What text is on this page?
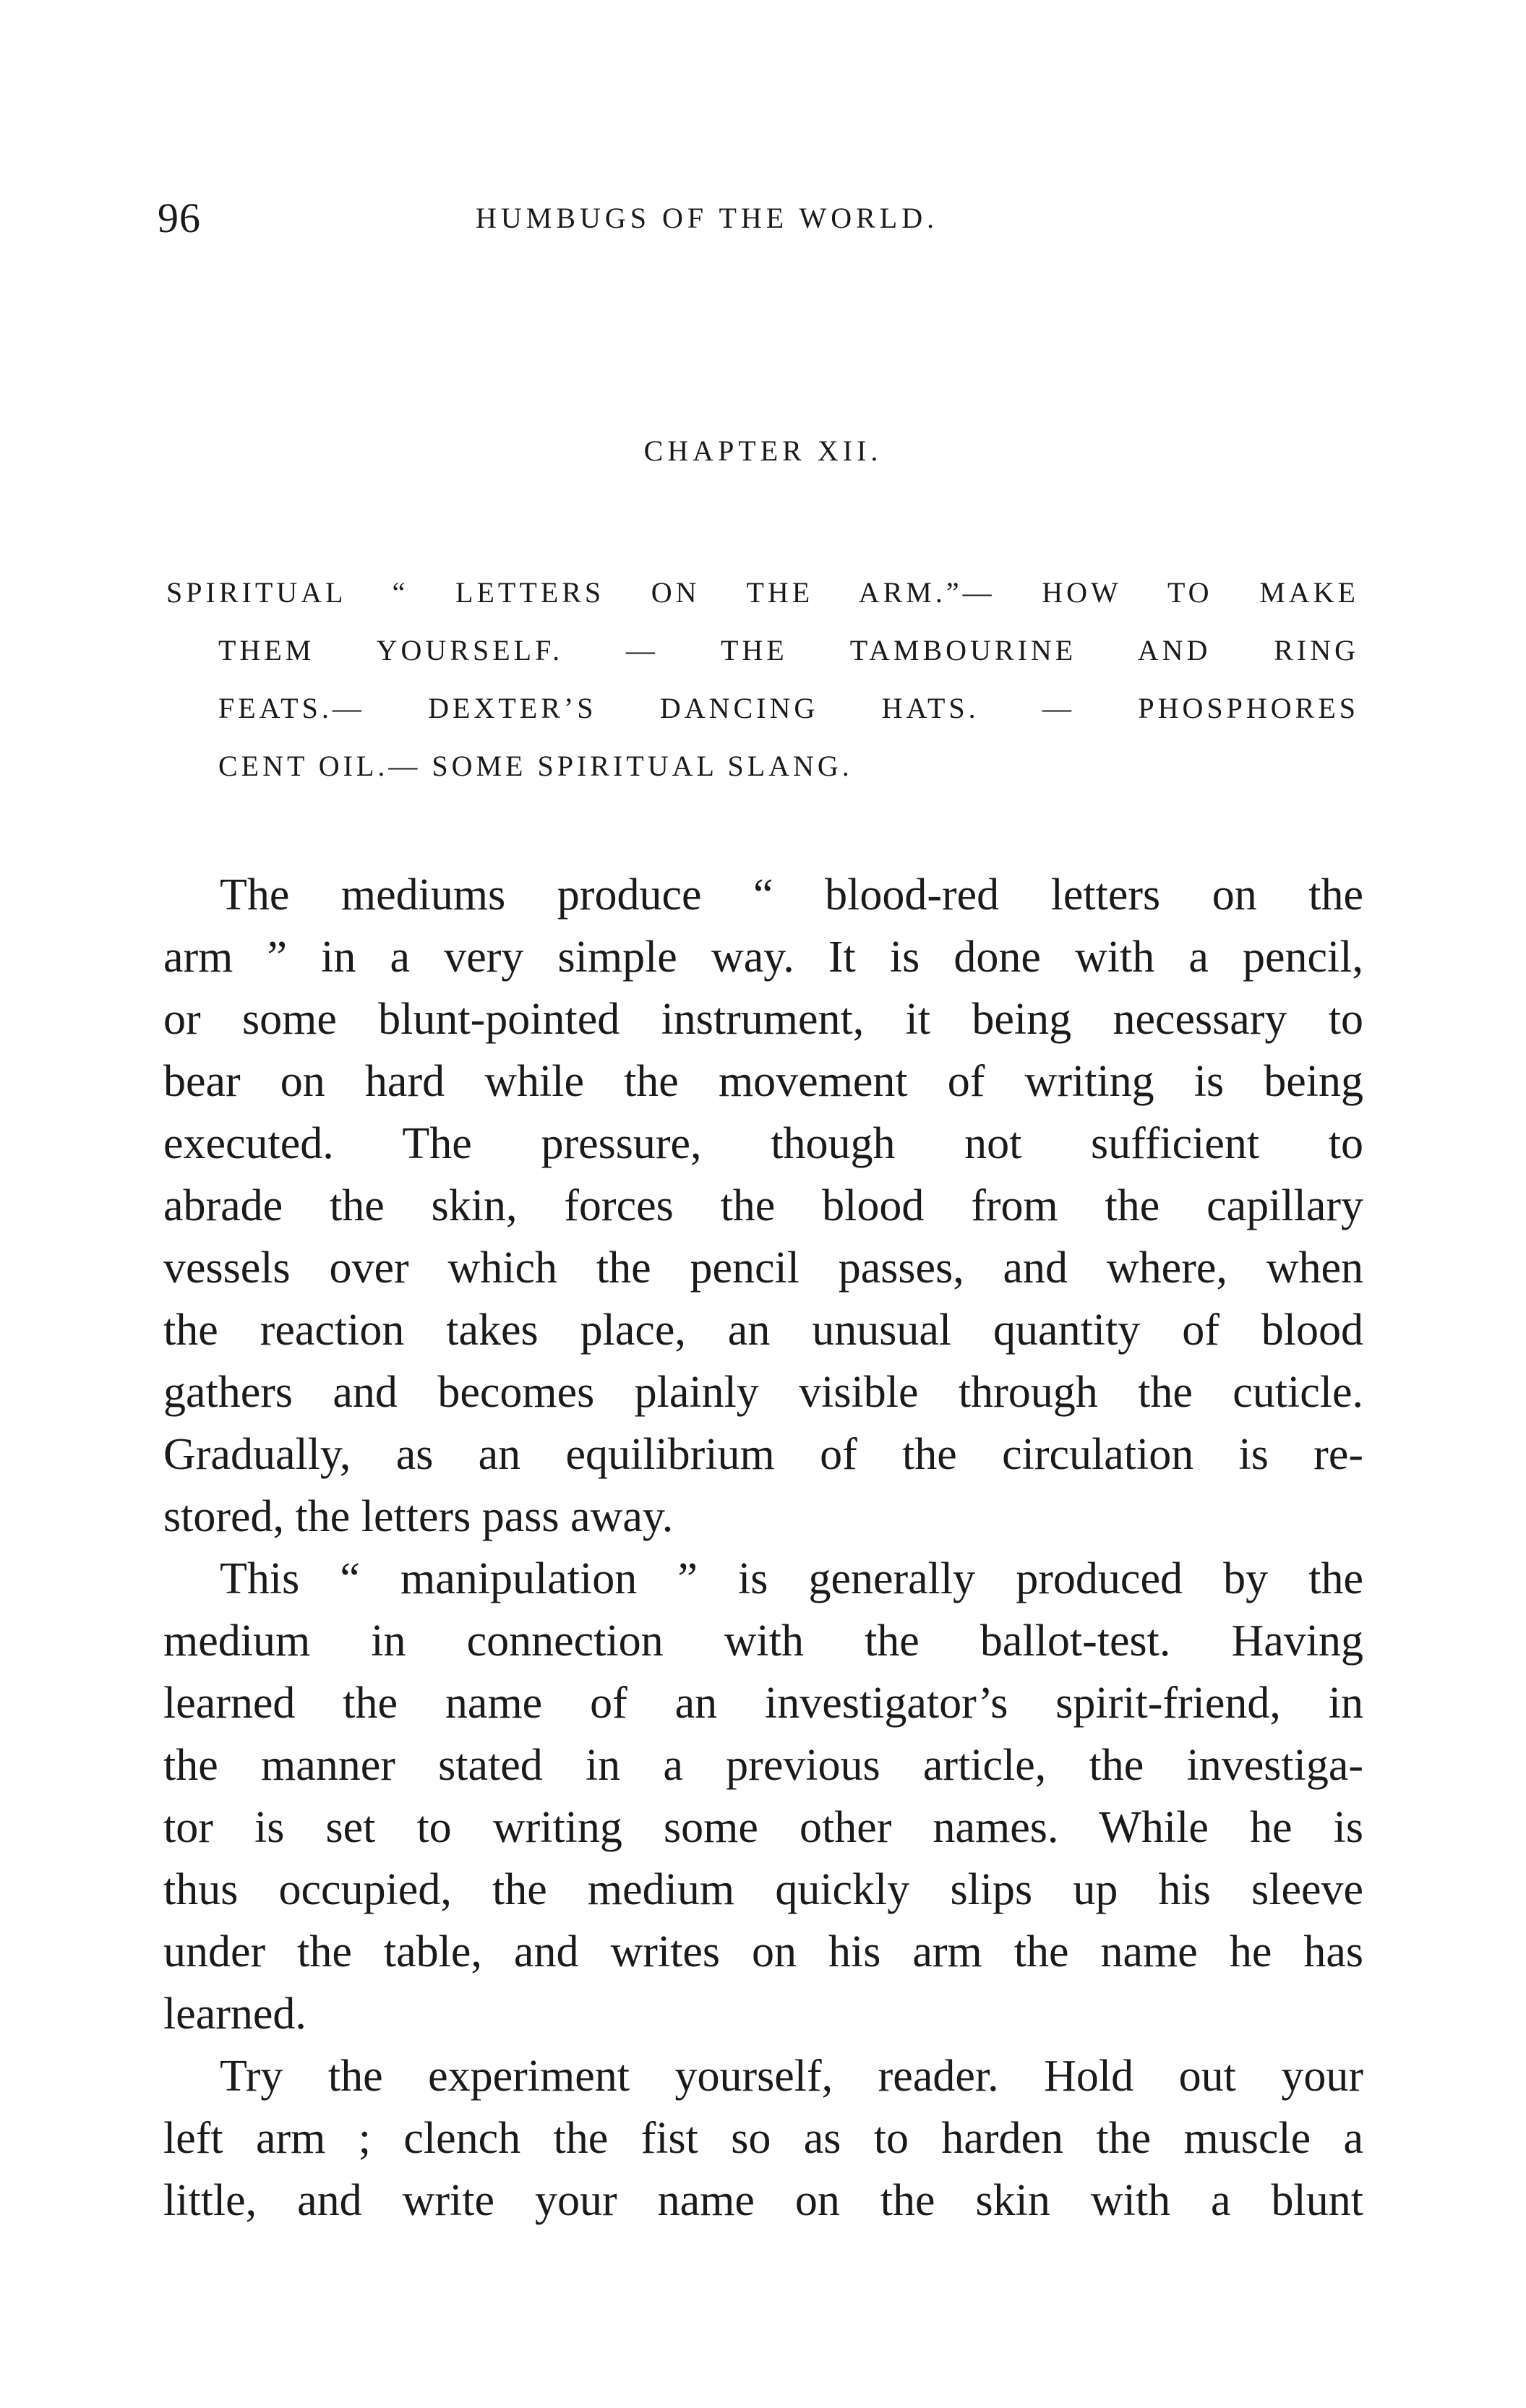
96	HUMBUGS OF THE WORLD.
CHAPTER XII.
SPIRITUAL “ LETTERS ON THE ARM.”— HOW TO MAKE
THEM YOURSELF. — THE TAMBOURINE AND RING
FEATS.— DEXTER’S DANCING HATS. — PHOSPHORES
CENT OIL.— SOME SPIRITUAL SLANG.
The mediums produce “ blood-red letters on the
arm ” in a very simple way. It is done with a pencil,
or some blunt-pointed instrument, it being necessary to
bear on hard while the movement of writing is being
executed. The pressure, though not sufficient to
abrade the skin, forces the blood from the capillary
vessels over which the pencil passes, and where, when
the reaction takes place, an unusual quantity of blood
gathers and becomes plainly visible through the cuticle.
Gradually, as an equilibrium of the circulation is re-
stored, the letters pass away.
This “ manipulation ” is generally produced by the
medium in connection with the ballot-test. Having
learned the name of an investigator’s spirit-friend, in
the manner stated in a previous article, the investiga-
tor is set to writing some other names. While he is
thus occupied, the medium quickly slips up his sleeve
under the table, and writes on his arm the name he has
learned.
Try the experiment yourself, reader. Hold out your
left arm ; clench the fist so as to harden the muscle a
little, and write your name on the skin with a blunt
